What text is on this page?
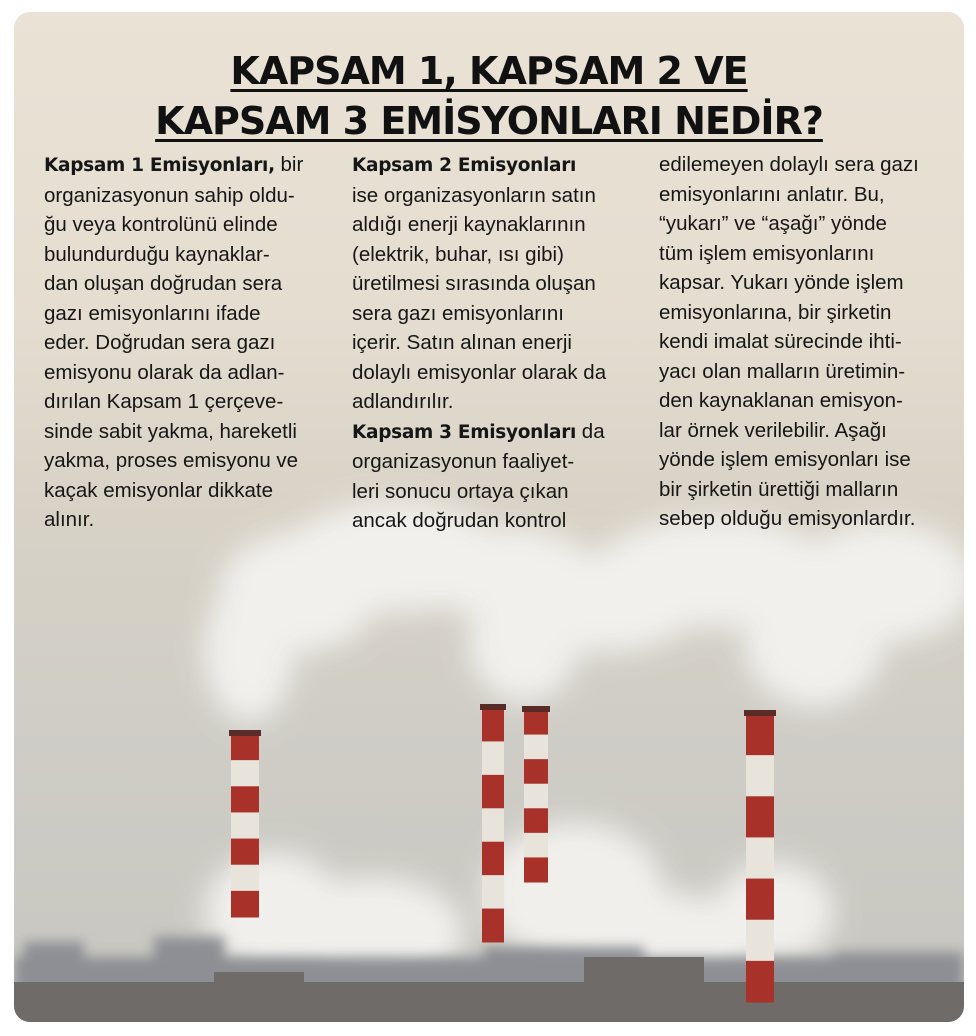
KAPSAM 1, KAPSAM 2 VE
KAPSAM 3 EMİSYONLARI NEDİR?

Kapsam 1 Emisyonları, bir

organizasyonun sahip oldu-

ğu veya kontrolünü elinde

bulundurduğu kaynaklar-

dan oluşan doğrudan sera

gazı emisyonlarını ifade

eder. Doğrudan sera gazı

emisyonu olarak da adlan-

dırılan Kapsam 1 çerçeve-

sinde sabit yakma, hareketli

yakma, proses emisyonu ve

kaçak emisyonlar dikkate

alınır.

Kapsam 2 Emisyonları

ise organizasyonların satın

aldığı enerji kaynaklarının

(elektrik, buhar, ısı gibi)

üretilmesi sırasında oluşan

sera gazı emisyonlarını

içerir. Satın alınan enerji

dolaylı emisyonlar olarak da

adlandırılır.

Kapsam 3 Emisyonları da

organizasyonun faaliyet-

leri sonucu ortaya çıkan

ancak doğrudan kontrol

edilemeyen dolaylı sera gazı

emisyonlarını anlatır. Bu,

“yukarı” ve “aşağı” yönde

tüm işlem emisyonlarını

kapsar. Yukarı yönde işlem

emisyonlarına, bir şirketin

kendi imalat sürecinde ihti-

yacı olan malların üretimin-

den kaynaklanan emisyon-

lar örnek verilebilir. Aşağı

yönde işlem emisyonları ise

bir şirketin ürettiği malların

sebep olduğu emisyonlardır.
